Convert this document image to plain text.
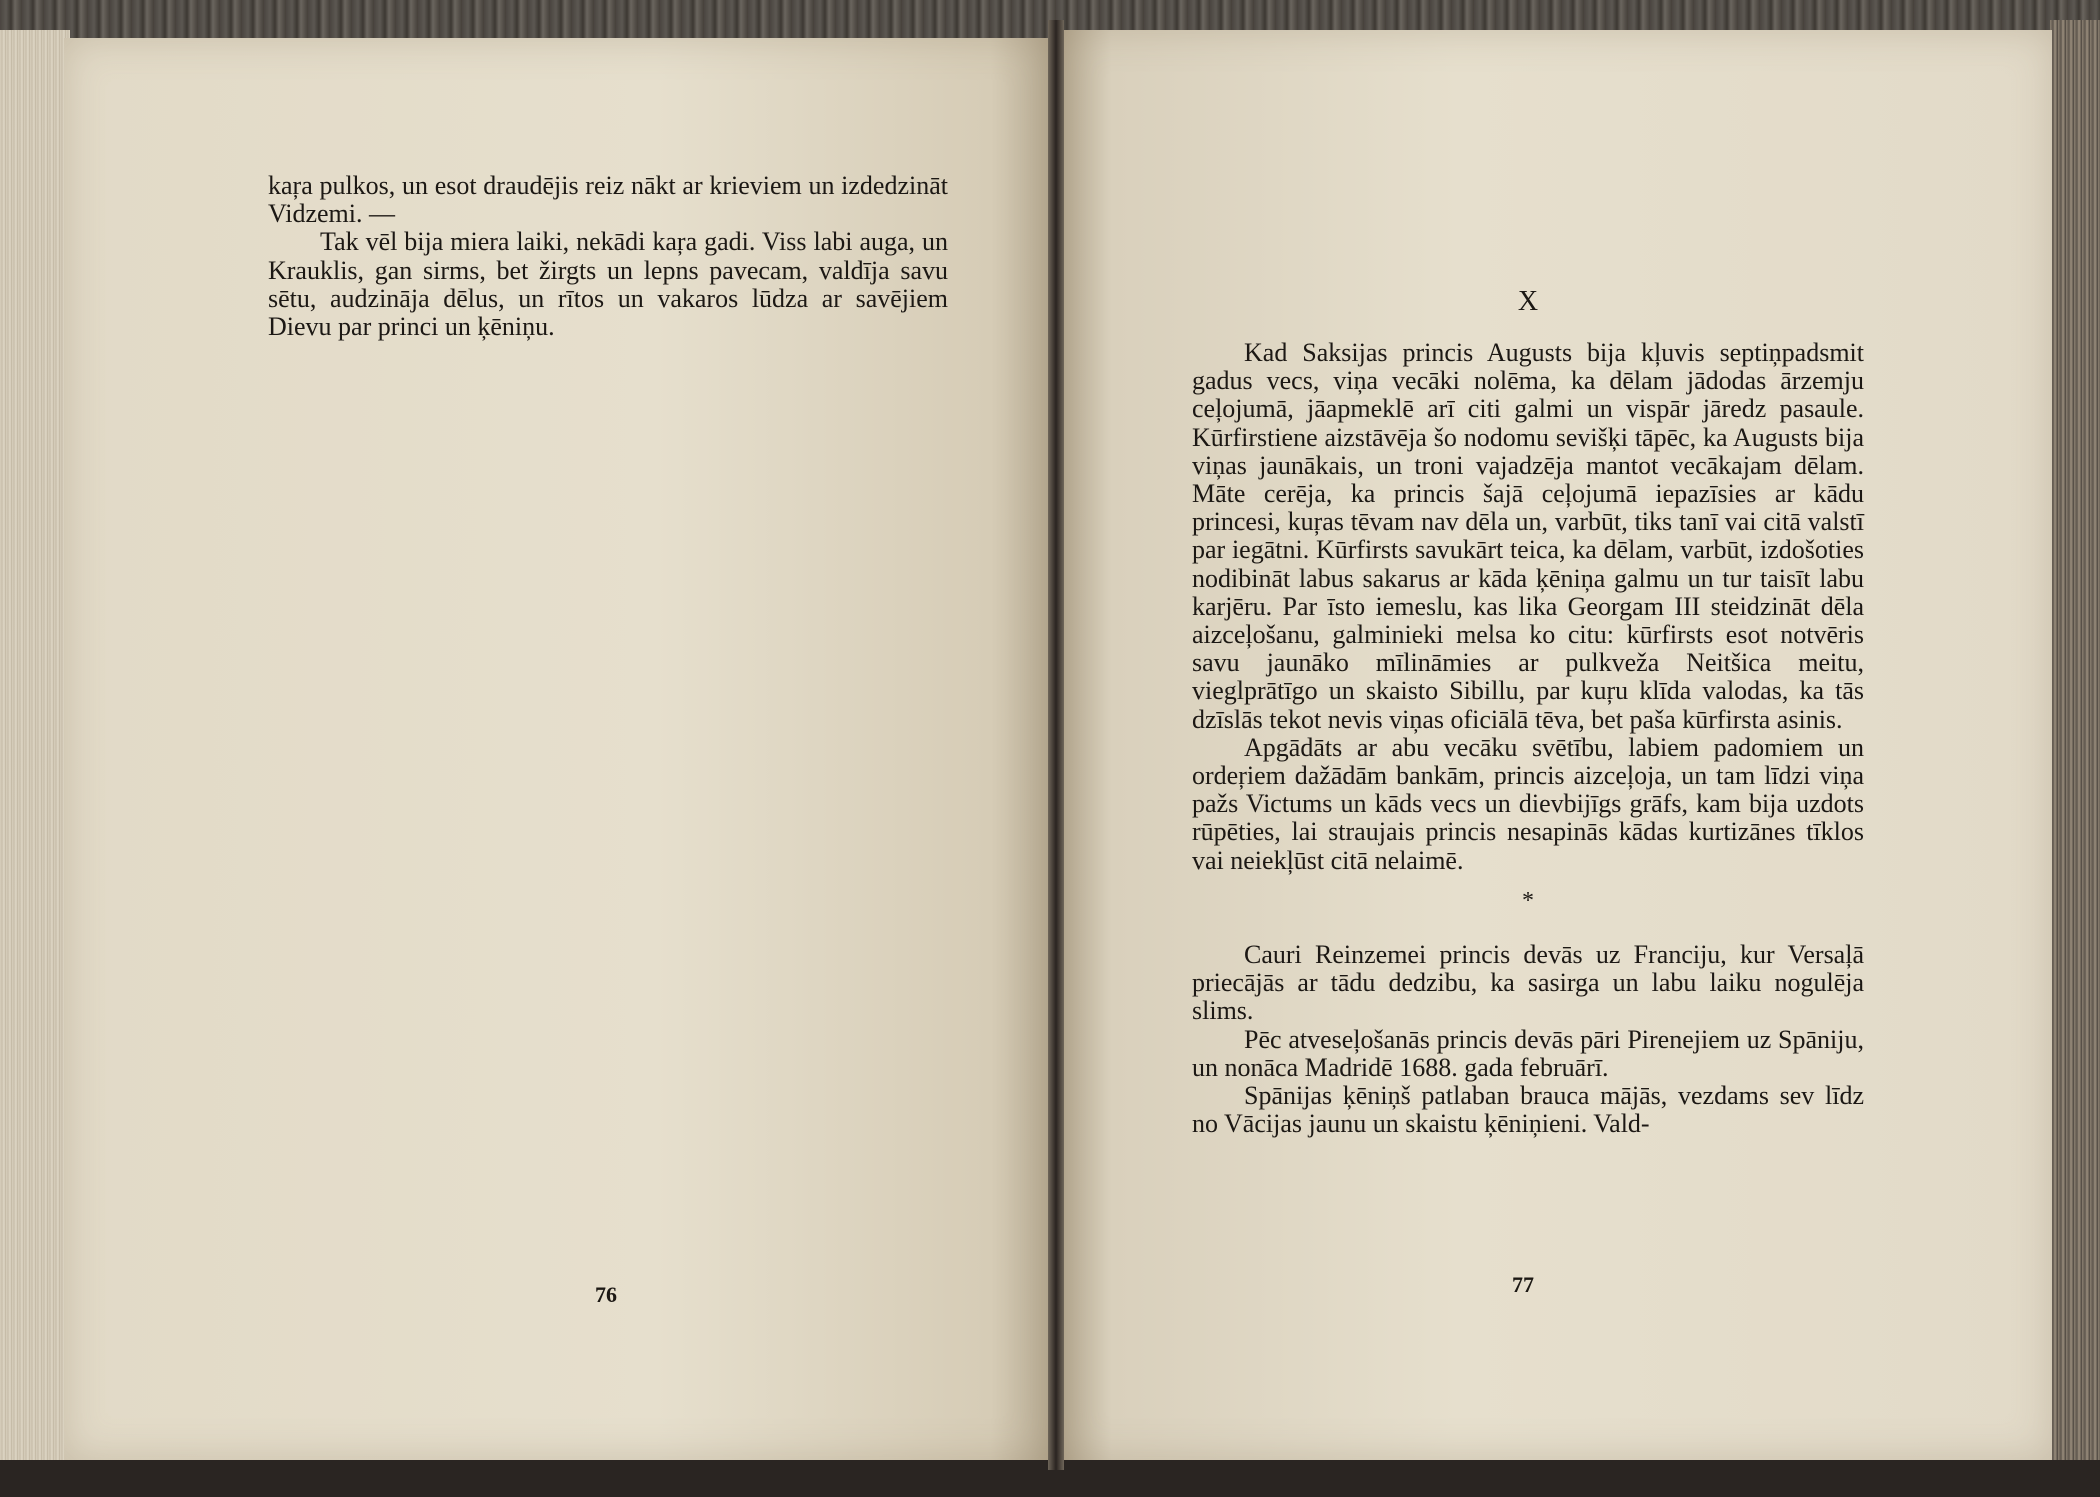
kaŗa pulkos, un esot draudējis reiz nākt ar krieviem un izdedzināt Vidzemi. —

Tak vēl bija miera laiki, nekādi kaŗa gadi. Viss labi auga, un Krauklis, gan sirms, bet žirgts un lepns pavecam, valdīja savu sētu, audzināja dēlus, un rītos un vakaros lūdza ar savējiem Dievu par princi un ķēniņu.

76
X

Kad Saksijas princis Augusts bija kļuvis septiņpadsmit gadus vecs, viņa vecāki nolēma, ka dēlam jādodas ārzemju ceļojumā, jāapmeklē arī citi galmi un vispār jāredz pasaule. Kūrfirstiene aizstāvēja šo nodomu sevišķi tāpēc, ka Augusts bija viņas jaunākais, un troni vajadzēja mantot vecākajam dēlam. Māte cerēja, ka princis šajā ceļojumā iepazīsies ar kādu princesi, kuŗas tēvam nav dēla un, varbūt, tiks tanī vai citā valstī par iegātni. Kūrfirsts savukārt teica, ka dēlam, varbūt, izdošoties nodibināt labus sakarus ar kāda ķēniņa galmu un tur taisīt labu karjēru. Par īsto iemeslu, kas lika Georgam III steidzināt dēla aizceļošanu, galminieki melsa ko citu: kūrfirsts esot notvēris savu jaunāko mīlināmies ar pulkveža Neitšica meitu, vieglprātīgo un skaisto Sibillu, par kuŗu klīda valodas, ka tās dzīslās tekot nevis viņas oficiālā tēva, bet paša kūrfirsta asinis.

Apgādāts ar abu vecāku svētību, labiem padomiem un ordeŗiem dažādām bankām, princis aizceļoja, un tam līdzi viņa pažs Victums un kāds vecs un dievbijīgs grāfs, kam bija uzdots rūpēties, lai straujais princis nesapinās kādas kurtizānes tīklos vai neiekļūst citā nelaimē.

*

Cauri Reinzemei princis devās uz Franciju, kur Versaļā priecājās ar tādu dedzibu, ka sasirga un labu laiku nogulēja slims.

Pēc atveseļošanās princis devās pāri Pirenejiem uz Spāniju, un nonāca Madridē 1688. gada februārī.

Spānijas ķēniņš patlaban brauca mājās, vezdams sev līdz no Vācijas jaunu un skaistu ķēniņieni. Vald-

77
